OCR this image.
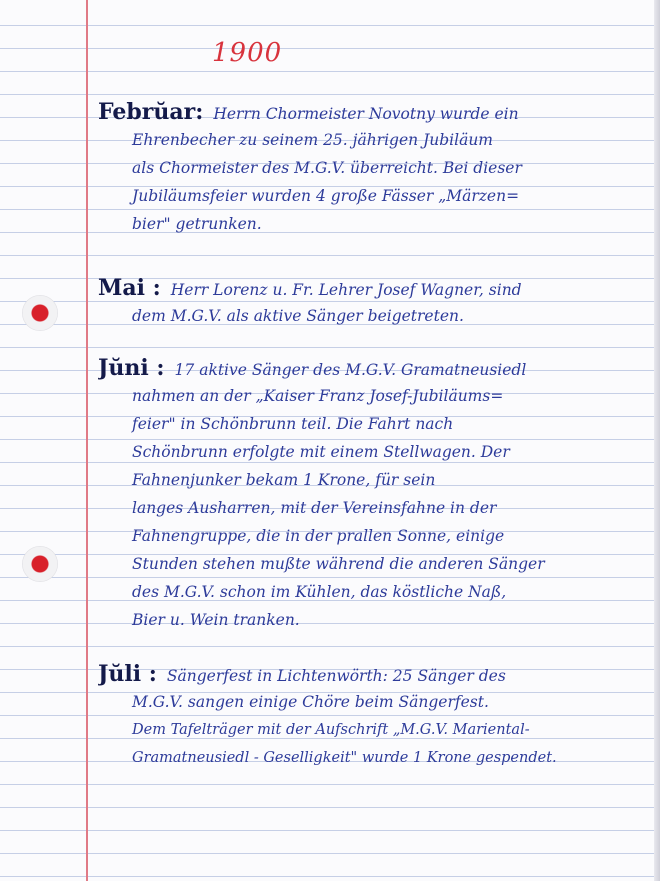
1900
Febrŭar: Herrn Chormeister Novotny wurde ein
Ehrenbecher zu seinem 25. jährigen Jubiläum
als Chormeister des M.G.V. überreicht. Bei dieser
Jubiläumsfeier wurden 4 große Fässer „Märzen=
bier" getrunken.
Mai : Herr Lorenz u. Fr. Lehrer Josef Wagner, sind
dem M.G.V. als aktive Sänger beigetreten.
Jŭni : 17 aktive Sänger des M.G.V. Gramatneusiedl
nahmen an der „Kaiser Franz Josef-Jubiläums=
feier" in Schönbrunn teil. Die Fahrt nach
Schönbrunn erfolgte mit einem Stellwagen. Der
Fahnenjunker bekam 1 Krone, für sein
langes Ausharren, mit der Vereinsfahne in der
Fahnengruppe, die in der prallen Sonne, einige
Stunden stehen mußte während die anderen Sänger
des M.G.V. schon im Kühlen, das köstliche Naß,
Bier u. Wein tranken.
Jŭli : Sängerfest in Lichtenwörth: 25 Sänger des
M.G.V. sangen einige Chöre beim Sängerfest.
Dem Tafelträger mit der Aufschrift „M.G.V. Mariental-
Gramatneusiedl - Geselligkeit" wurde 1 Krone gespendet.
